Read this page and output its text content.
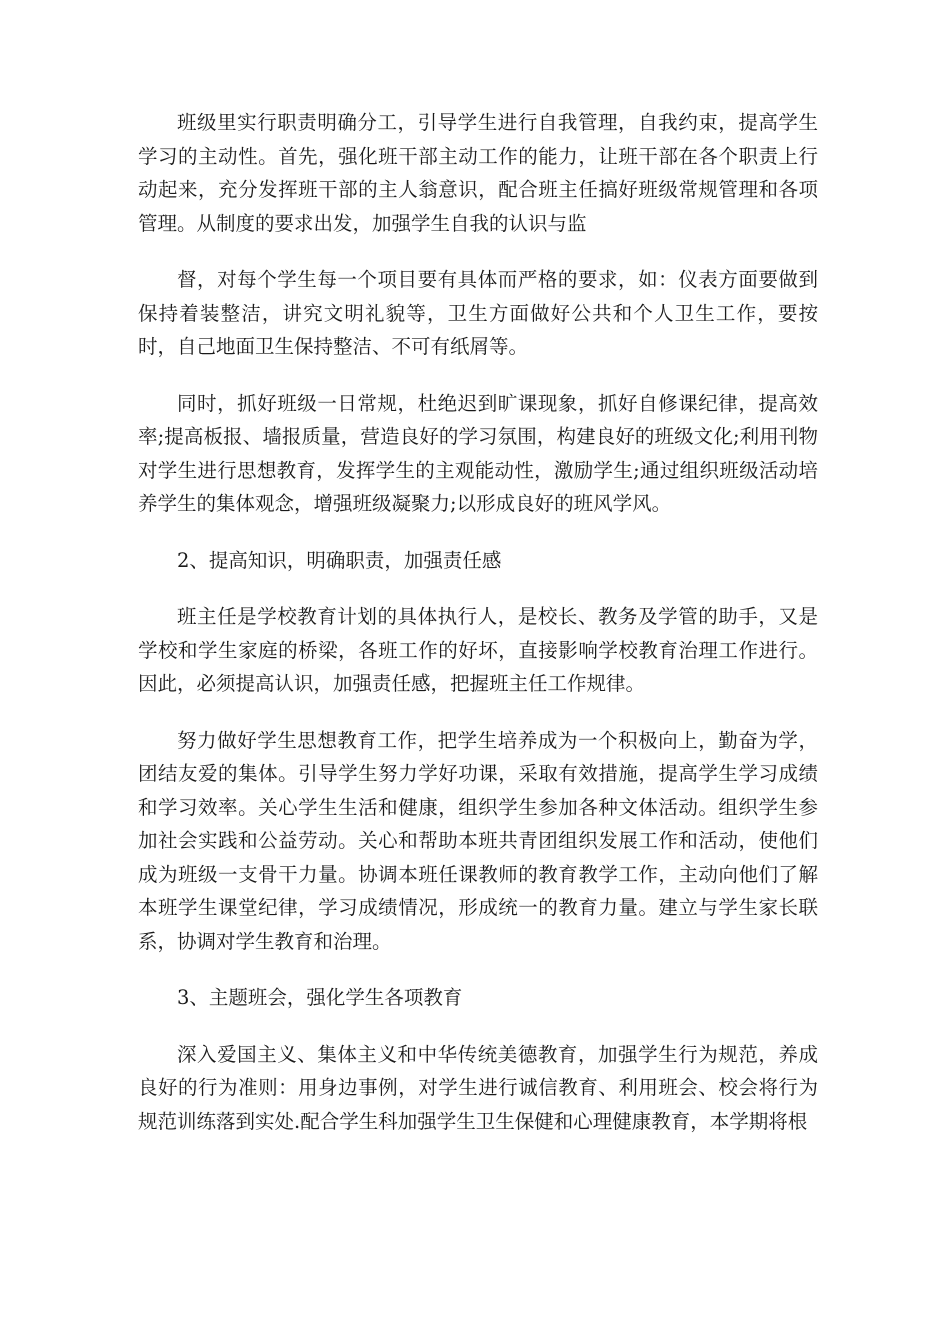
班级里实行职责明确分工，引导学生进行自我管理，自我约束，提高学生学习的主动性。首先，强化班干部主动工作的能力，让班干部在各个职责上行动起来，充分发挥班干部的主人翁意识，配合班主任搞好班级常规管理和各项管理。从制度的要求出发，加强学生自我的认识与监

督，对每个学生每一个项目要有具体而严格的要求，如：仪表方面要做到保持着装整洁，讲究文明礼貌等，卫生方面做好公共和个人卫生工作，要按时，自己地面卫生保持整洁、不可有纸屑等。

同时，抓好班级一日常规，杜绝迟到旷课现象，抓好自修课纪律，提高效率;提高板报、墙报质量，营造良好的学习氛围，构建良好的班级文化;利用刊物对学生进行思想教育，发挥学生的主观能动性，激励学生;通过组织班级活动培养学生的集体观念，增强班级凝聚力;以形成良好的班风学风。

2、提高知识，明确职责，加强责任感

班主任是学校教育计划的具体执行人，是校长、教务及学管的助手，又是学校和学生家庭的桥梁，各班工作的好坏，直接影响学校教育治理工作进行。因此，必须提高认识，加强责任感，把握班主任工作规律。

努力做好学生思想教育工作，把学生培养成为一个积极向上，勤奋为学，团结友爱的集体。引导学生努力学好功课，采取有效措施，提高学生学习成绩和学习效率。关心学生生活和健康，组织学生参加各种文体活动。组织学生参加社会实践和公益劳动。关心和帮助本班共青团组织发展工作和活动，使他们成为班级一支骨干力量。协调本班任课教师的教育教学工作，主动向他们了解本班学生课堂纪律，学习成绩情况，形成统一的教育力量。建立与学生家长联系，协调对学生教育和治理。

3、主题班会，强化学生各项教育

深入爱国主义、集体主义和中华传统美德教育，加强学生行为规范，养成良好的行为准则：用身边事例，对学生进行诚信教育、利用班会、校会将行为规范训练落到实处.配合学生科加强学生卫生保健和心理健康教育，本学期将根
